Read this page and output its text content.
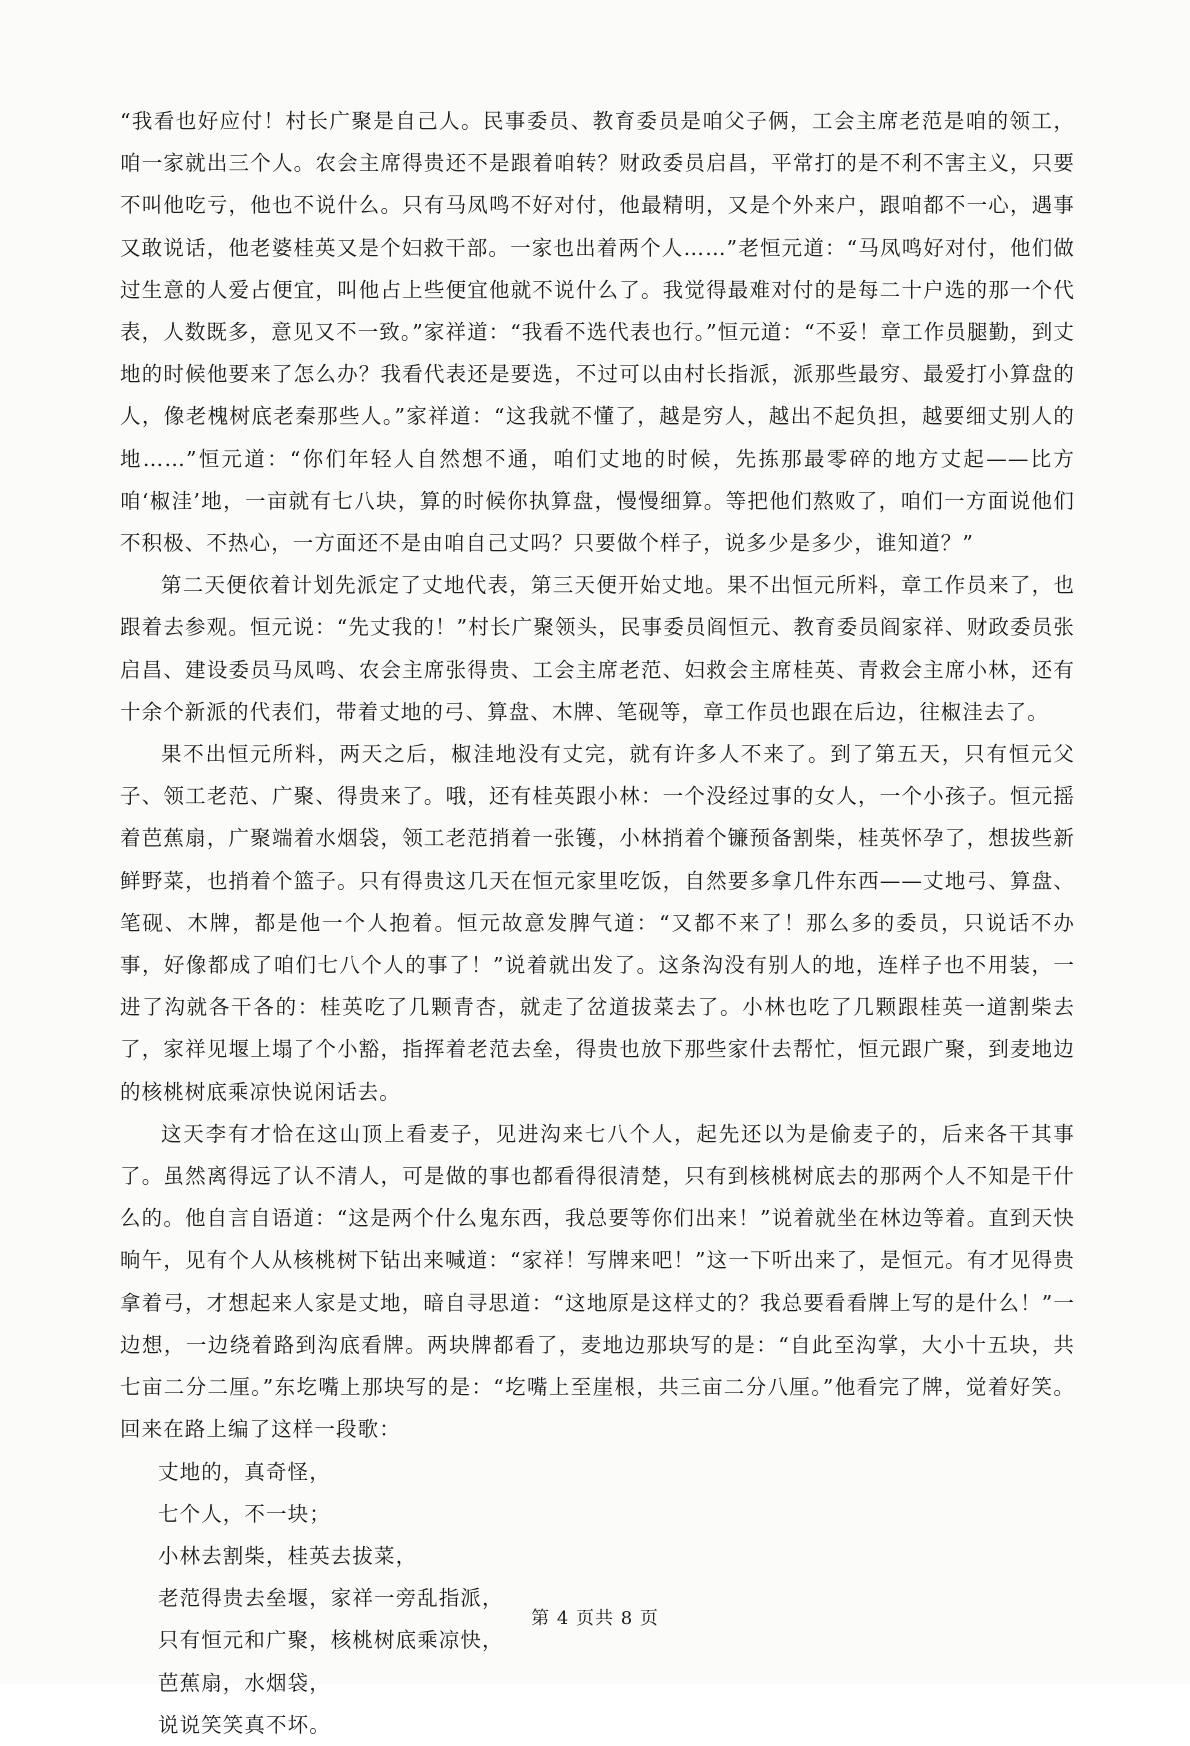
“我看也好应付！村长广聚是自己人。民事委员、教育委员是咱父子俩，工会主席老范是咱的领工，咱一家就出三个人。农会主席得贵还不是跟着咱转？财政委员启昌，平常打的是不利不害主义，只要不叫他吃亏，他也不说什么。只有马凤鸣不好对付，他最精明，又是个外来户，跟咱都不一心，遇事又敢说话，他老婆桂英又是个妇救干部。一家也出着两个人……”老恒元道：“马凤鸣好对付，他们做过生意的人爱占便宜，叫他占上些便宜他就不说什么了。我觉得最难对付的是每二十户选的那一个代表，人数既多，意见又不一致。”家祥道：“我看不选代表也行。”恒元道：“不妥！章工作员腿勤，到丈地的时候他要来了怎么办？我看代表还是要选，不过可以由村长指派，派那些最穷、最爱打小算盘的人，像老槐树底老秦那些人。”家祥道：“这我就不懂了，越是穷人，越出不起负担，越要细丈别人的地……”恒元道：“你们年轻人自然想不通，咱们丈地的时候，先拣那最零碎的地方丈起——比方咱‘椒洼’地，一亩就有七八块，算的时候你执算盘，慢慢细算。等把他们熬败了，咱们一方面说他们不积极、不热心，一方面还不是由咱自己丈吗？只要做个样子，说多少是多少，谁知道？”

第二天便依着计划先派定了丈地代表，第三天便开始丈地。果不出恒元所料，章工作员来了，也跟着去参观。恒元说：“先丈我的！”村长广聚领头，民事委员阎恒元、教育委员阎家祥、财政委员张启昌、建设委员马凤鸣、农会主席张得贵、工会主席老范、妇救会主席桂英、青救会主席小林，还有十余个新派的代表们，带着丈地的弓、算盘、木牌、笔砚等，章工作员也跟在后边，往椒洼去了。

果不出恒元所料，两天之后，椒洼地没有丈完，就有许多人不来了。到了第五天，只有恒元父子、领工老范、广聚、得贵来了。哦，还有桂英跟小林：一个没经过事的女人，一个小孩子。恒元摇着芭蕉扇，广聚端着水烟袋，领工老范捎着一张镬，小林捎着个镰预备割柴，桂英怀孕了，想拔些新鲜野菜，也捎着个篮子。只有得贵这几天在恒元家里吃饭，自然要多拿几件东西——丈地弓、算盘、笔砚、木牌，都是他一个人抱着。恒元故意发脾气道：“又都不来了！那么多的委员，只说话不办事，好像都成了咱们七八个人的事了！”说着就出发了。这条沟没有别人的地，连样子也不用装，一进了沟就各干各的：桂英吃了几颗青杏，就走了岔道拔菜去了。小林也吃了几颗跟桂英一道割柴去了，家祥见堰上塌了个小豁，指挥着老范去垒，得贵也放下那些家什去帮忙，恒元跟广聚，到麦地边的核桃树底乘凉快说闲话去。

这天李有才恰在这山顶上看麦子，见进沟来七八个人，起先还以为是偷麦子的，后来各干其事了。虽然离得远了认不清人，可是做的事也都看得很清楚，只有到核桃树底去的那两个人不知是干什么的。他自言自语道：“这是两个什么鬼东西，我总要等你们出来！”说着就坐在林边等着。直到天快晌午，见有个人从核桃树下钻出来喊道：“家祥！写牌来吧！”这一下听出来了，是恒元。有才见得贵拿着弓，才想起来人家是丈地，暗自寻思道：“这地原是这样丈的？我总要看看牌上写的是什么！”一边想，一边绕着路到沟底看牌。两块牌都看了，麦地边那块写的是：“自此至沟掌，大小十五块，共七亩二分二厘。”东圪嘴上那块写的是：“圪嘴上至崖根，共三亩二分八厘。”他看完了牌，觉着好笑。回来在路上编了这样一段歌：

丈地的，真奇怪，
七个人，不一块；
小林去割柴，桂英去拔菜，
老范得贵去垒堰，家祥一旁乱指派，
只有恒元和广聚，核桃树底乘凉快，
芭蕉扇，水烟袋，
说说笑笑真不坏。
第 4 页共 8 页
